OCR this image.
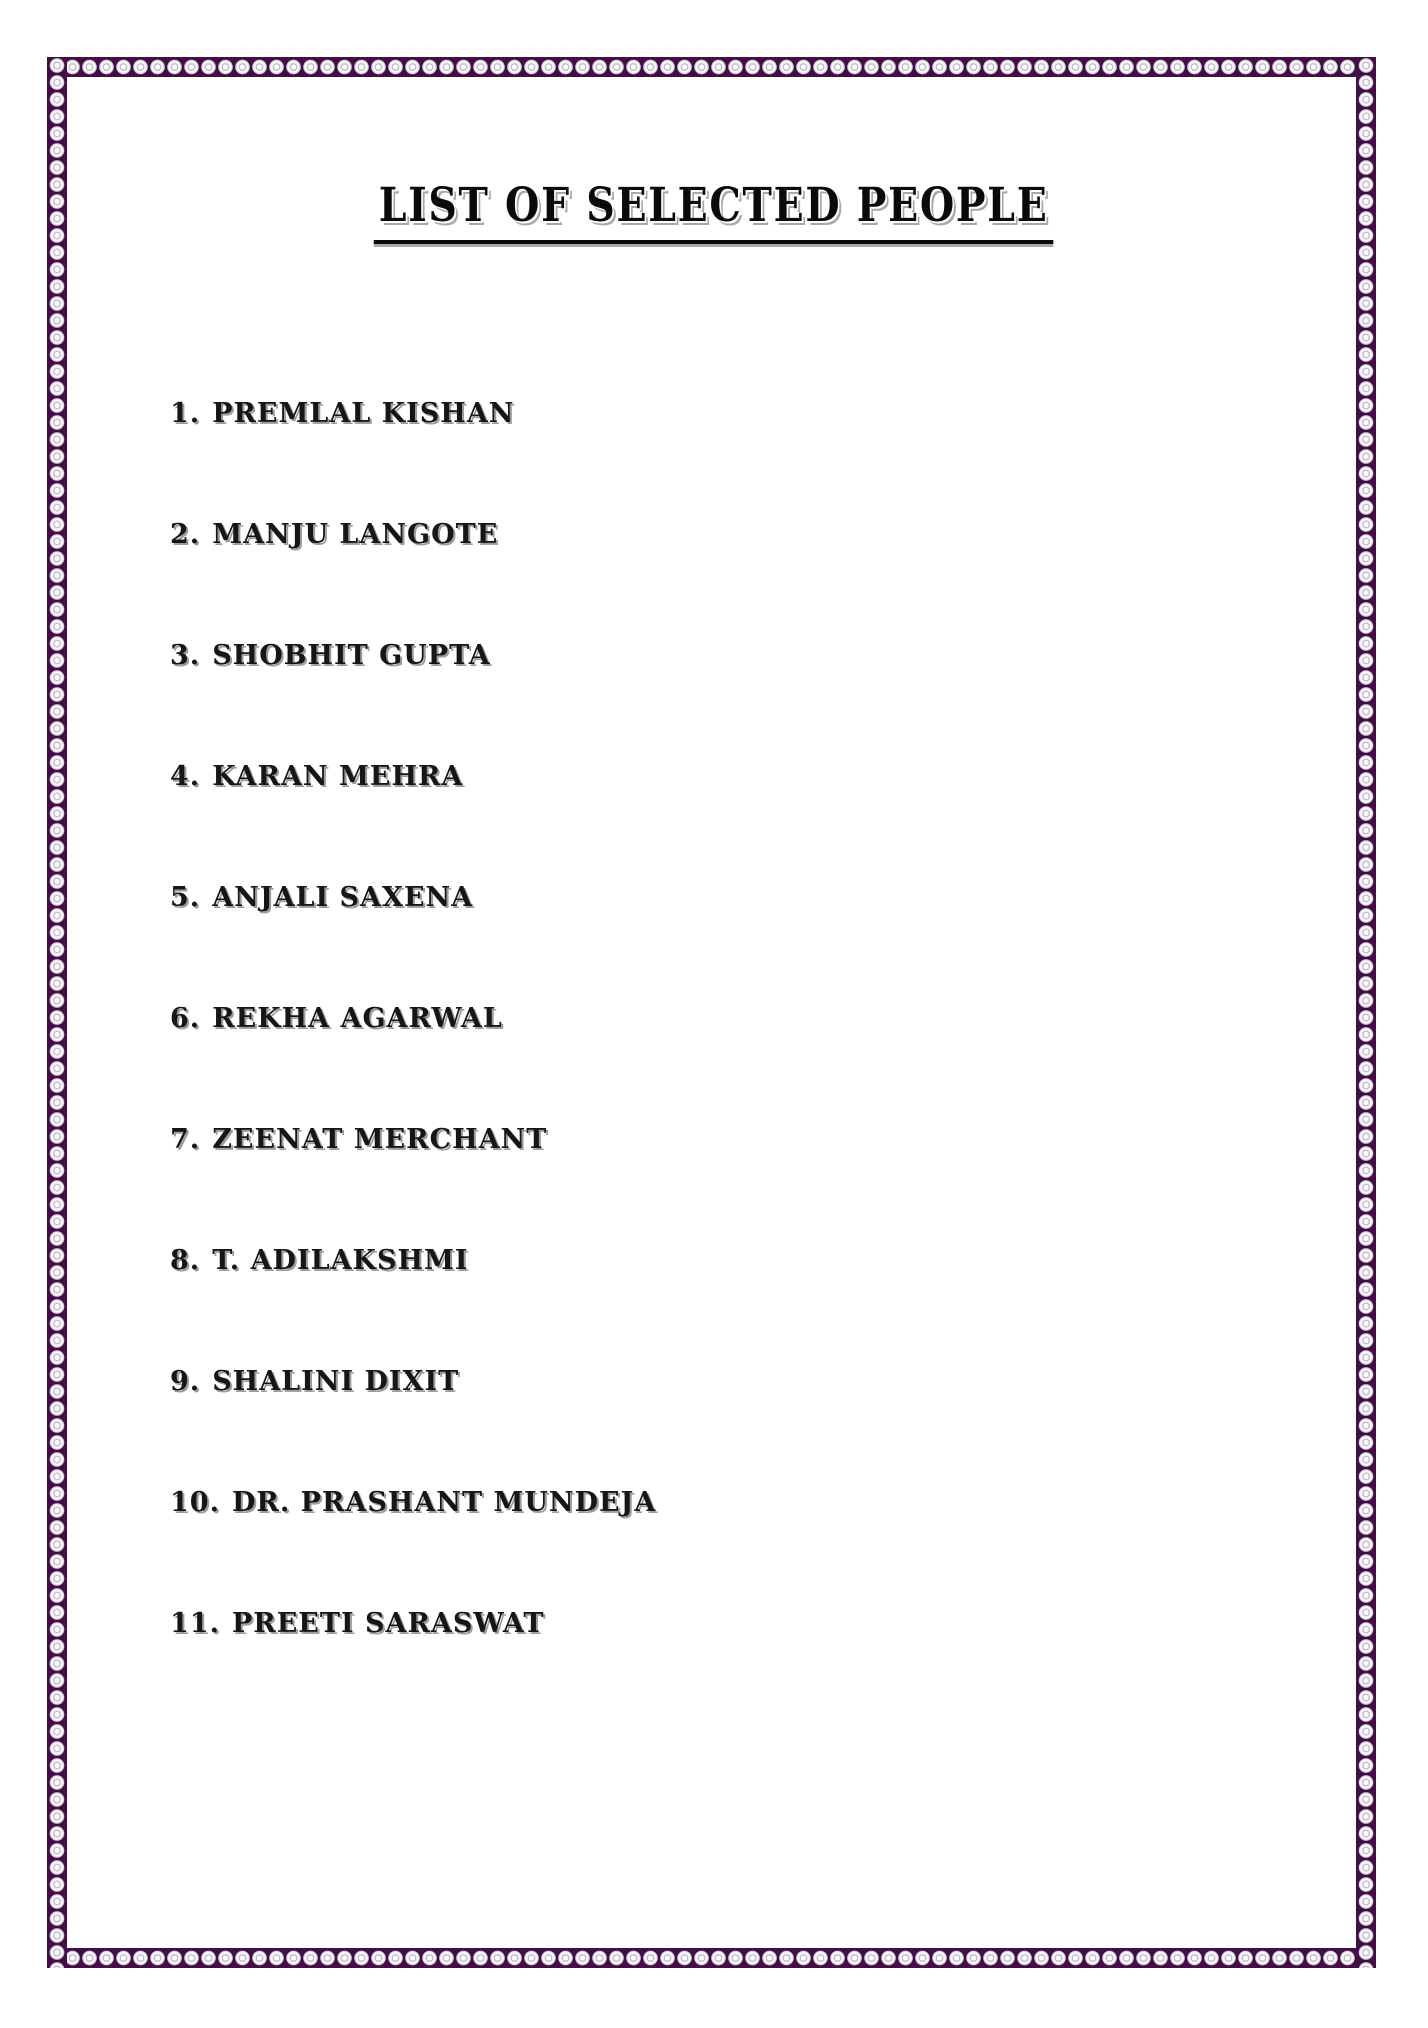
LIST OF SELECTED PEOPLE
1. PREMLAL KISHAN
2. MANJU LANGOTE
3. SHOBHIT GUPTA
4. KARAN MEHRA
5. ANJALI SAXENA
6. REKHA AGARWAL
7. ZEENAT MERCHANT
8. T. ADILAKSHMI
9. SHALINI DIXIT
10. DR. PRASHANT MUNDEJA
11. PREETI SARASWAT
